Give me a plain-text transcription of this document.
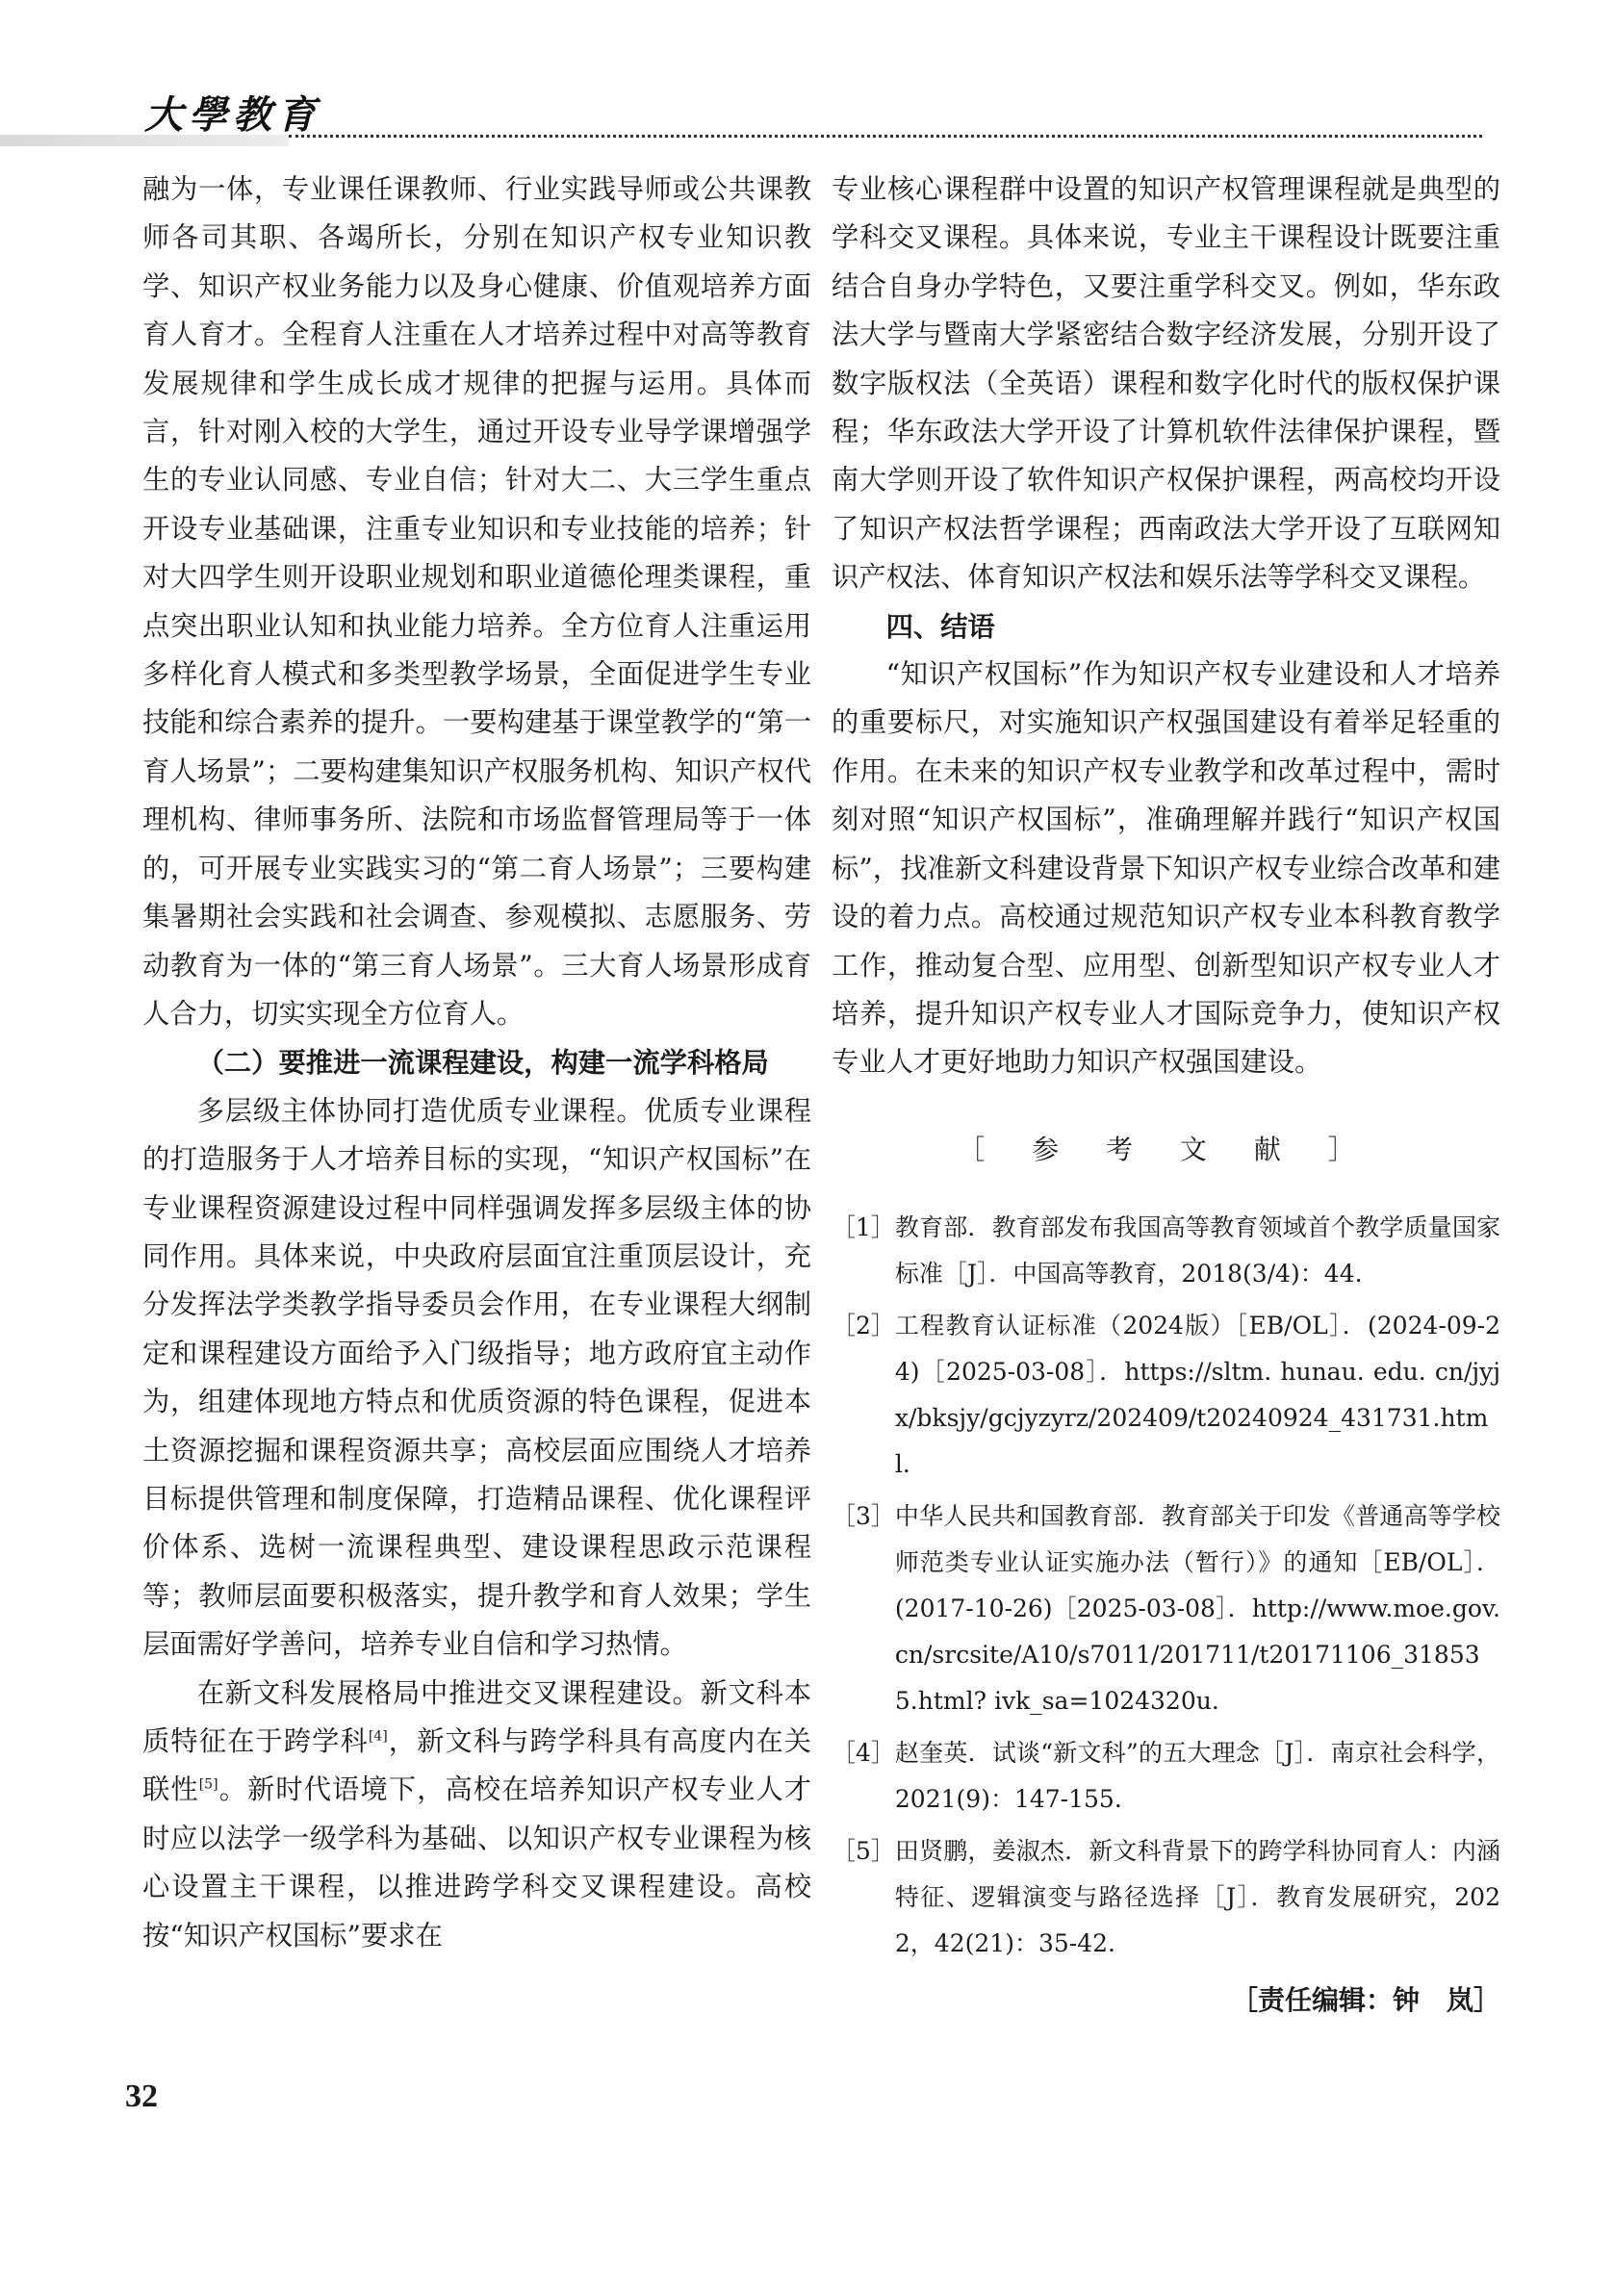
大學教育

融为一体，专业课任课教师、行业实践导师或公共课教师各司其职、各竭所长，分别在知识产权专业知识教学、知识产权业务能力以及身心健康、价值观培养方面育人育才。全程育人注重在人才培养过程中对高等教育发展规律和学生成长成才规律的把握与运用。具体而言，针对刚入校的大学生，通过开设专业导学课增强学生的专业认同感、专业自信；针对大二、大三学生重点开设专业基础课，注重专业知识和专业技能的培养；针对大四学生则开设职业规划和职业道德伦理类课程，重点突出职业认知和执业能力培养。全方位育人注重运用多样化育人模式和多类型教学场景，全面促进学生专业技能和综合素养的提升。一要构建基于课堂教学的“第一育人场景”；二要构建集知识产权服务机构、知识产权代理机构、律师事务所、法院和市场监督管理局等于一体的，可开展专业实践实习的“第二育人场景”；三要构建集暑期社会实践和社会调查、参观模拟、志愿服务、劳动教育为一体的“第三育人场景”。三大育人场景形成育人合力，切实实现全方位育人。

（二）要推进一流课程建设，构建一流学科格局

多层级主体协同打造优质专业课程。优质专业课程的打造服务于人才培养目标的实现，“知识产权国标”在专业课程资源建设过程中同样强调发挥多层级主体的协同作用。具体来说，中央政府层面宜注重顶层设计，充分发挥法学类教学指导委员会作用，在专业课程大纲制定和课程建设方面给予入门级指导；地方政府宜主动作为，组建体现地方特点和优质资源的特色课程，促进本土资源挖掘和课程资源共享；高校层面应围绕人才培养目标提供管理和制度保障，打造精品课程、优化课程评价体系、选树一流课程典型、建设课程思政示范课程等；教师层面要积极落实，提升教学和育人效果；学生层面需好学善问，培养专业自信和学习热情。

在新文科发展格局中推进交叉课程建设。新文科本质特征在于跨学科[4]，新文科与跨学科具有高度内在关联性[5]。新时代语境下，高校在培养知识产权专业人才时应以法学一级学科为基础、以知识产权专业课程为核心设置主干课程，以推进跨学科交叉课程建设。高校按“知识产权国标”要求在

专业核心课程群中设置的知识产权管理课程就是典型的学科交叉课程。具体来说，专业主干课程设计既要注重结合自身办学特色，又要注重学科交叉。例如，华东政法大学与暨南大学紧密结合数字经济发展，分别开设了数字版权法（全英语）课程和数字化时代的版权保护课程；华东政法大学开设了计算机软件法律保护课程，暨南大学则开设了软件知识产权保护课程，两高校均开设了知识产权法哲学课程；西南政法大学开设了互联网知识产权法、体育知识产权法和娱乐法等学科交叉课程。

四、结语

“知识产权国标”作为知识产权专业建设和人才培养的重要标尺，对实施知识产权强国建设有着举足轻重的作用。在未来的知识产权专业教学和改革过程中，需时刻对照“知识产权国标”，准确理解并践行“知识产权国标”，找准新文科建设背景下知识产权专业综合改革和建设的着力点。高校通过规范知识产权专业本科教育教学工作，推动复合型、应用型、创新型知识产权专业人才培养，提升知识产权专业人才国际竞争力，使知识产权专业人才更好地助力知识产权强国建设。

［ 参 考 文 献 ］
［1］ 教育部．教育部发布我国高等教育领域首个教学质量国家标准［J］．中国高等教育，2018(3/4)：44.
［2］ 工程教育认证标准（2024版）［EB/OL］．(2024-09-24)［2025-03-08］．https://sltm. hunau. edu. cn/jyjx/bksjy/gcjyzyrz/202409/t20240924_431731.html.
［3］ 中华人民共和国教育部．教育部关于印发《普通高等学校师范类专业认证实施办法（暂行）》的通知［EB/OL］．(2017-10-26)［2025-03-08］．http://www.moe.gov.cn/srcsite/A10/s7011/201711/t20171106_318535.html? ivk_sa=1024320u.
［4］ 赵奎英．试谈“新文科”的五大理念［J］．南京社会科学，2021(9)：147-155.
［5］ 田贤鹏，姜淑杰．新文科背景下的跨学科协同育人：内涵特征、逻辑演变与路径选择［J］．教育发展研究，2022，42(21)：35-42.
［责任编辑：钟　岚］
32
